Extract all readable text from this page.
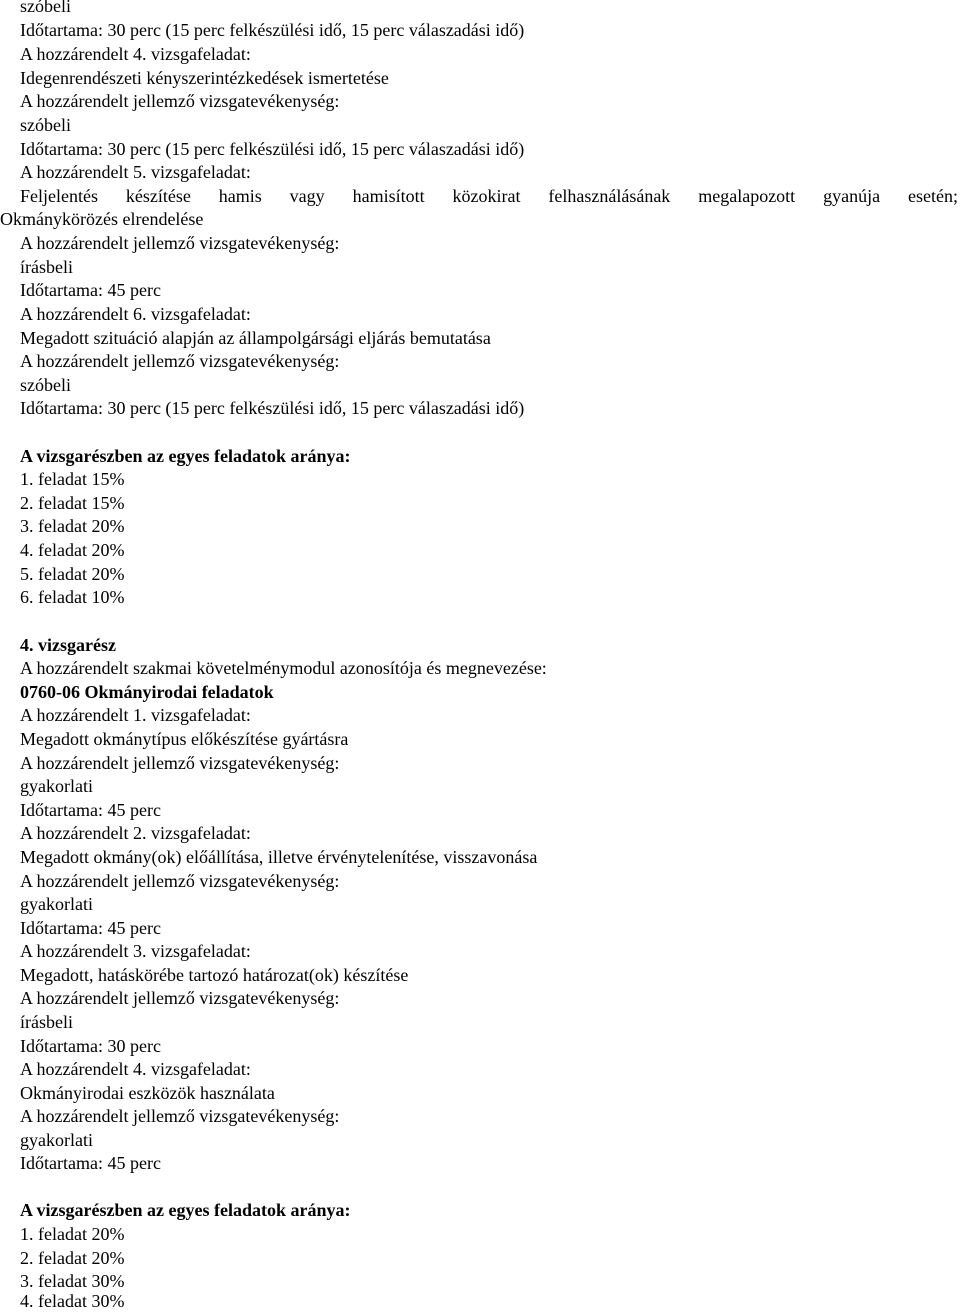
szóbeli
Időtartama: 30 perc (15 perc felkészülési idő, 15 perc válaszadási idő)
A hozzárendelt 4. vizsgafeladat:
Idegenrendészeti kényszerintézkedések ismertetése
A hozzárendelt jellemző vizsgatevékenység:
szóbeli
Időtartama: 30 perc (15 perc felkészülési idő, 15 perc válaszadási idő)
A hozzárendelt 5. vizsgafeladat:
Feljelentés készítése hamis vagy hamisított közokirat felhasználásának megalapozott gyanúja esetén;
Okmánykörözés elrendelése
A hozzárendelt jellemző vizsgatevékenység:
írásbeli
Időtartama: 45 perc
A hozzárendelt 6. vizsgafeladat:
Megadott szituáció alapján az állampolgársági eljárás bemutatása
A hozzárendelt jellemző vizsgatevékenység:
szóbeli
Időtartama: 30 perc (15 perc felkészülési idő, 15 perc válaszadási idő)
A vizsgarészben az egyes feladatok aránya:
1. feladat 15%
2. feladat 15%
3. feladat 20%
4. feladat 20%
5. feladat 20%
6. feladat 10%
4. vizsgarész
A hozzárendelt szakmai követelménymodul azonosítója és megnevezése:
0760-06 Okmányirodai feladatok
A hozzárendelt 1. vizsgafeladat:
Megadott okmánytípus előkészítése gyártásra
A hozzárendelt jellemző vizsgatevékenység:
gyakorlati
Időtartama: 45 perc
A hozzárendelt 2. vizsgafeladat:
Megadott okmány(ok) előállítása, illetve érvénytelenítése, visszavonása
A hozzárendelt jellemző vizsgatevékenység:
gyakorlati
Időtartama: 45 perc
A hozzárendelt 3. vizsgafeladat:
Megadott, hatáskörébe tartozó határozat(ok) készítése
A hozzárendelt jellemző vizsgatevékenység:
írásbeli
Időtartama: 30 perc
A hozzárendelt 4. vizsgafeladat:
Okmányirodai eszközök használata
A hozzárendelt jellemző vizsgatevékenység:
gyakorlati
Időtartama: 45 perc
A vizsgarészben az egyes feladatok aránya:
1. feladat 20%
2. feladat 20%
3. feladat 30%
4. feladat 30%
